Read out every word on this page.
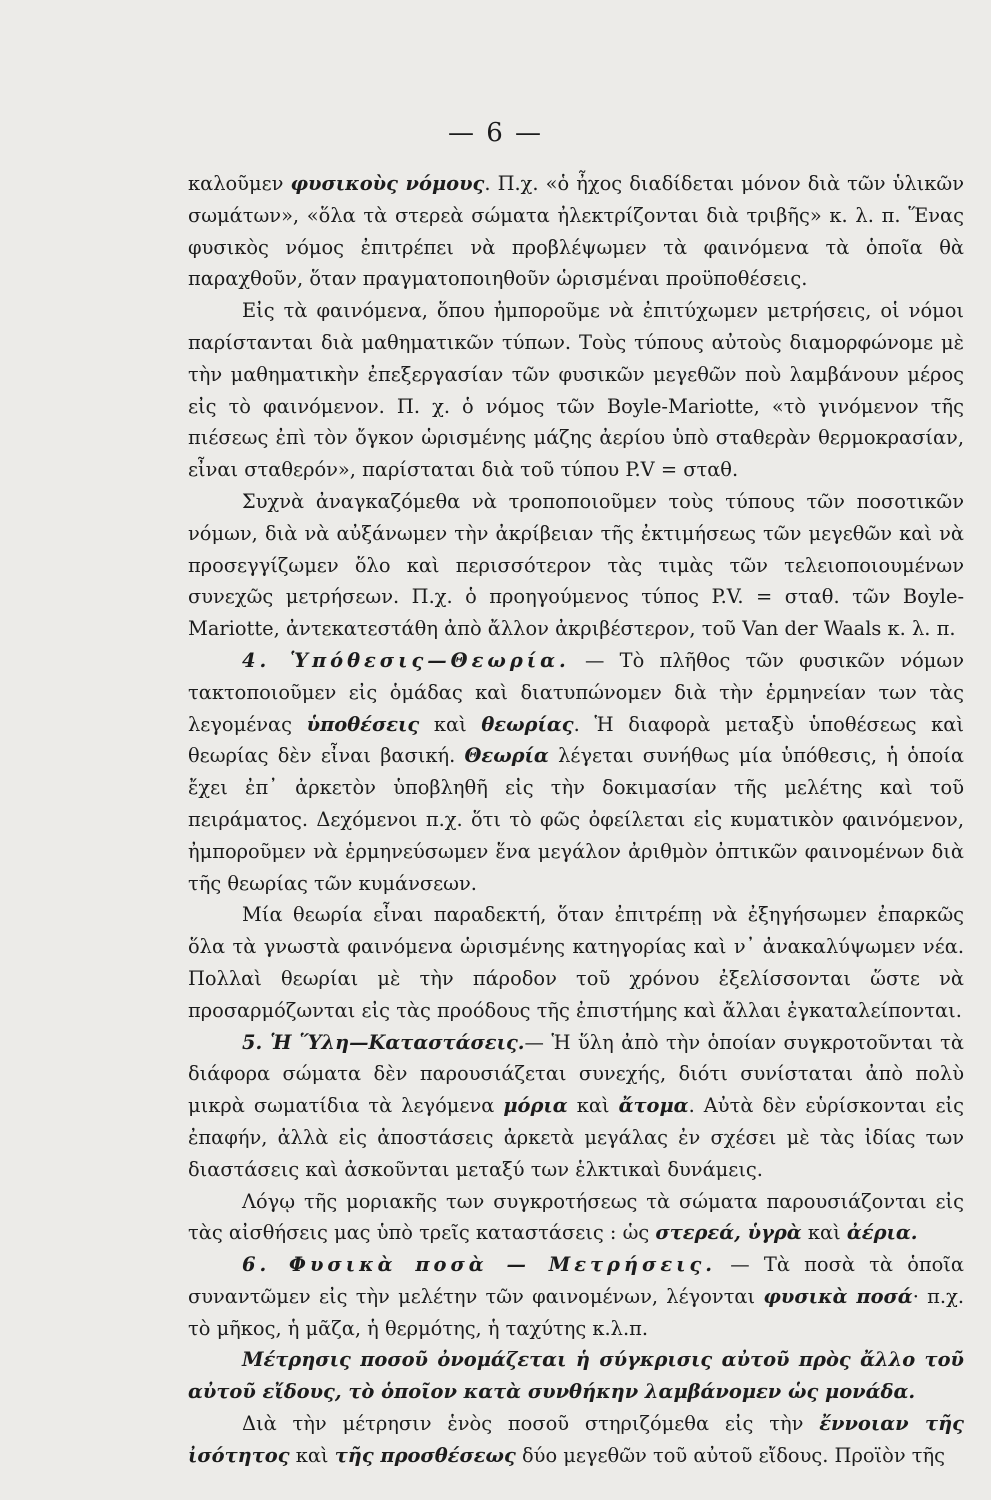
— 6 —

καλοῦμεν φυσικοὺς νόμους. Π.χ. «ὁ ἦχος διαδίδεται μόνον διὰ τῶν ὑλικῶν σωμάτων», «ὅλα τὰ στερεὰ σώματα ἠλεκτρίζονται διὰ τριβῆς» κ. λ. π. Ἕνας φυσικὸς νόμος ἐπιτρέπει νὰ προβλέψωμεν τὰ φαινόμενα τὰ ὁποῖα θὰ παραχθοῦν, ὅταν πραγματοποιηθοῦν ὡρισμέναι προϋποθέσεις.

Εἰς τὰ φαινόμενα, ὅπου ἠμποροῦμε νὰ ἐπιτύχωμεν μετρήσεις, οἱ νόμοι παρίστανται διὰ μαθηματικῶν τύπων. Τοὺς τύπους αὐτοὺς διαμορφώνομε μὲ τὴν μαθηματικὴν ἐπεξεργασίαν τῶν φυσικῶν μεγεθῶν ποὺ λαμβάνουν μέρος εἰς τὸ φαινόμενον. Π. χ. ὁ νόμος τῶν Boyle-Mariotte, «τὸ γινόμενον τῆς πιέσεως ἐπὶ τὸν ὄγκον ὡρισμένης μάζης ἀερίου ὑπὸ σταθερὰν θερμοκρασίαν, εἶναι σταθερόν», παρίσταται διὰ τοῦ τύπου P.V = σταθ.

Συχνὰ ἀναγκαζόμεθα νὰ τροποποιοῦμεν τοὺς τύπους τῶν ποσοτικῶν νόμων, διὰ νὰ αὐξάνωμεν τὴν ἀκρίβειαν τῆς ἐκτιμήσεως τῶν μεγεθῶν καὶ νὰ προσεγγίζωμεν ὅλο καὶ περισσότερον τὰς τιμὰς τῶν τελειοποιουμένων συνεχῶς μετρήσεων. Π.χ. ὁ προηγούμενος τύπος P.V. = σταθ. τῶν Boyle-Mariotte, ἀντεκατεστάθη ἀπὸ ἄλλον ἀκριβέστερον, τοῦ Van der Waals κ. λ. π.

4. Ὑπόθεσις—Θεωρία. — Τὸ πλῆθος τῶν φυσικῶν νόμων τακτοποιοῦμεν εἰς ὁμάδας καὶ διατυπώνομεν διὰ τὴν ἑρμηνείαν των τὰς λεγομένας ὑποθέσεις καὶ θεωρίας. Ἡ διαφορὰ μεταξὺ ὑποθέσεως καὶ θεωρίας δὲν εἶναι βασική. Θεωρία λέγεται συνήθως μία ὑπόθεσις, ἡ ὁποία ἔχει ἐπ᾽ ἀρκετὸν ὑποβληθῆ εἰς τὴν δοκιμασίαν τῆς μελέτης καὶ τοῦ πειράματος. Δεχόμενοι π.χ. ὅτι τὸ φῶς ὀφείλεται εἰς κυματικὸν φαινόμενον, ἠμποροῦμεν νὰ ἑρμηνεύσωμεν ἕνα μεγάλον ἀριθμὸν ὀπτικῶν φαινομένων διὰ τῆς θεωρίας τῶν κυμάνσεων.

Μία θεωρία εἶναι παραδεκτή, ὅταν ἐπιτρέπῃ νὰ ἐξηγήσωμεν ἐπαρκῶς ὅλα τὰ γνωστὰ φαινόμενα ὡρισμένης κατηγορίας καὶ ν᾽ ἀνακαλύψωμεν νέα. Πολλαὶ θεωρίαι μὲ τὴν πάροδον τοῦ χρόνου ἐξελίσσονται ὥστε νὰ προσαρμόζωνται εἰς τὰς προόδους τῆς ἐπιστήμης καὶ ἄλλαι ἐγκαταλείπονται.

5. Ἡ Ὕλη—Καταστάσεις.— Ἡ ὕλη ἀπὸ τὴν ὁποίαν συγκροτοῦνται τὰ διάφορα σώματα δὲν παρουσιάζεται συνεχής, διότι συνίσταται ἀπὸ πολὺ μικρὰ σωματίδια τὰ λεγόμενα μόρια καὶ ἄτομα. Αὐτὰ δὲν εὑρίσκονται εἰς ἐπαφήν, ἀλλὰ εἰς ἀποστάσεις ἀρκετὰ μεγάλας ἐν σχέσει μὲ τὰς ἰδίας των διαστάσεις καὶ ἀσκοῦνται μεταξύ των ἑλκτικαὶ δυνάμεις.

Λόγῳ τῆς μοριακῆς των συγκροτήσεως τὰ σώματα παρουσιάζονται εἰς τὰς αἰσθήσεις μας ὑπὸ τρεῖς καταστάσεις : ὡς στερεά, ὑγρὰ καὶ ἀέρια.

6. Φυσικὰ ποσὰ — Μετρήσεις. — Τὰ ποσὰ τὰ ὁποῖα συναντῶμεν εἰς τὴν μελέτην τῶν φαινομένων, λέγονται φυσικὰ ποσά· π.χ. τὸ μῆκος, ἡ μᾶζα, ἡ θερμότης, ἡ ταχύτης κ.λ.π.

Μέτρησις ποσοῦ ὀνομάζεται ἡ σύγκρισις αὐτοῦ πρὸς ἄλλο τοῦ αὐτοῦ εἴδους, τὸ ὁποῖον κατὰ συνθήκην λαμβάνομεν ὡς μονάδα.

Διὰ τὴν μέτρησιν ἑνὸς ποσοῦ στηριζόμεθα εἰς τὴν ἔννοιαν τῆς ἰσότητος καὶ τῆς προσθέσεως δύο μεγεθῶν τοῦ αὐτοῦ εἴδους. Προϊὸν τῆς
